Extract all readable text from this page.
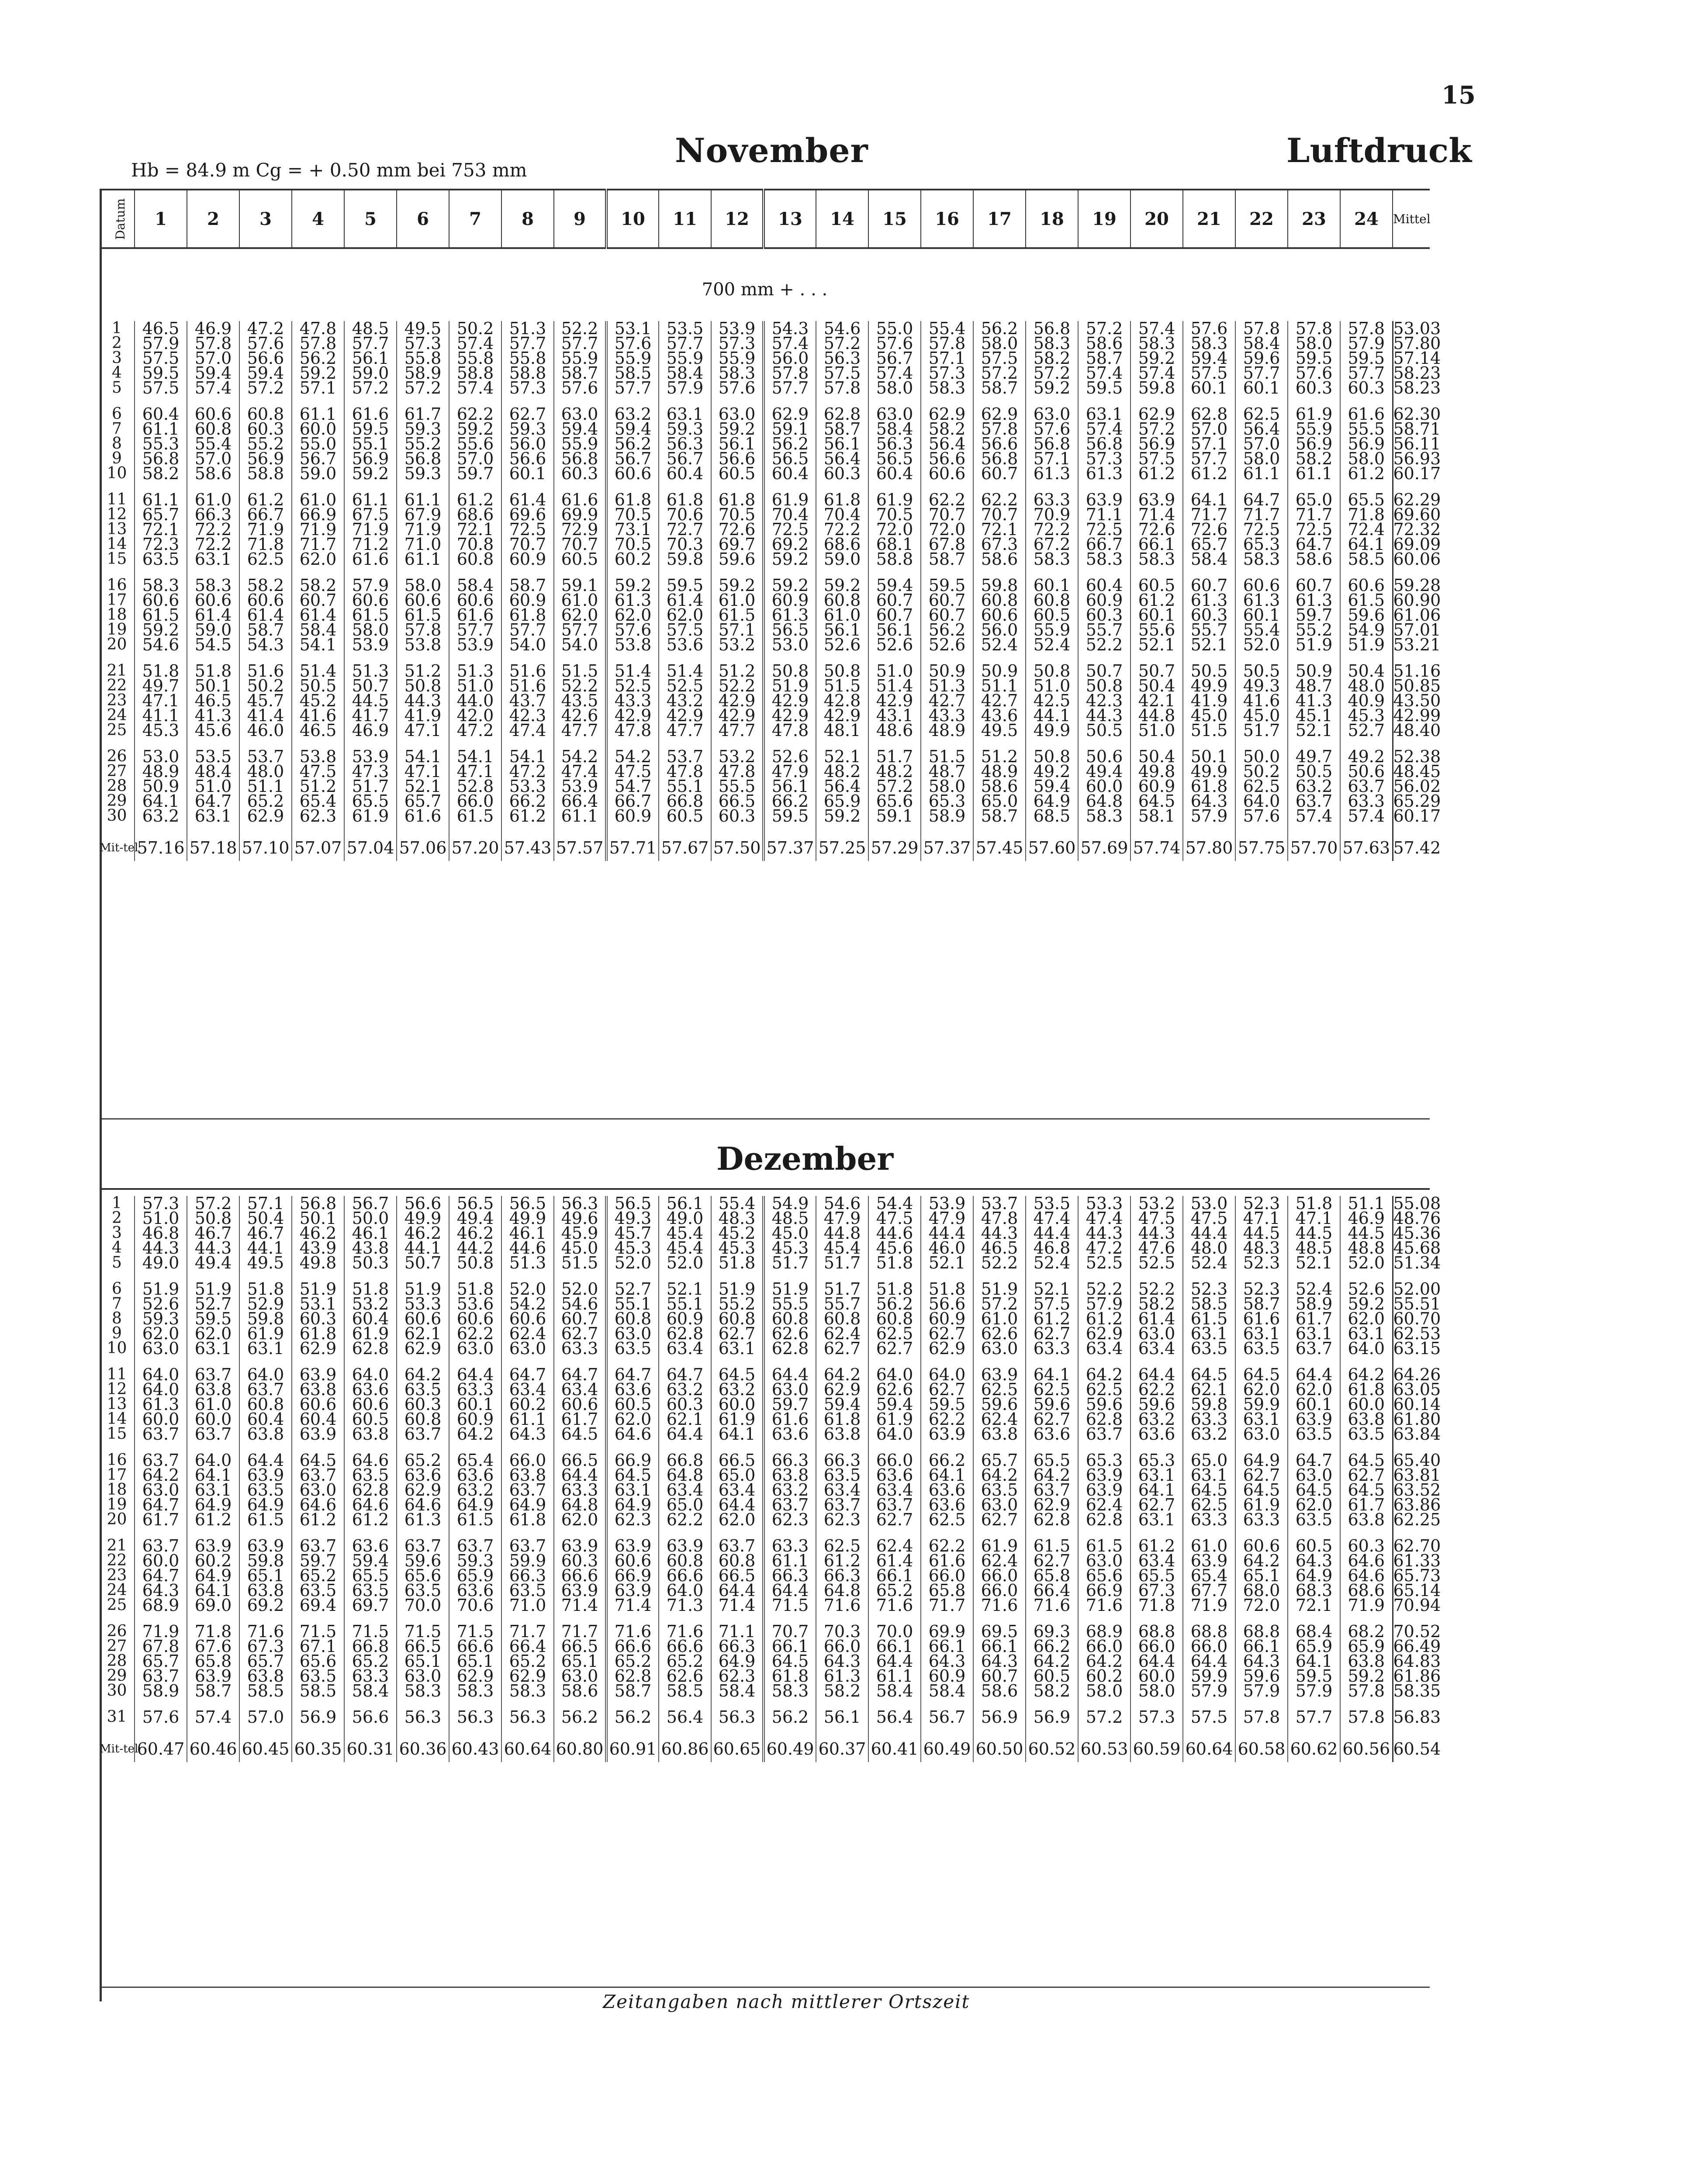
15
Hb = 84.9 m Cg = + 0.50 mm bei 753 mm
November	Luftdruck
Datum	1	2	3	4	5	6	7	8	9	10	11	12	13	14	15	16	17	18	19	20	21	22	23	24	Mittel
700 mm + . . .
1	46.5	46.9	47.2	47.8	48.5	49.5	50.2	51.3	52.2	53.1	53.5	53.9	54.3	54.6	55.0	55.4	56.2	56.8	57.2	57.4	57.6	57.8	57.8	57.8	53.03
2	57.9	57.8	57.6	57.8	57.7	57.3	57.4	57.7	57.7	57.6	57.7	57.3	57.4	57.2	57.6	57.8	58.0	58.3	58.6	58.3	58.3	58.4	58.0	57.9	57.80
3	57.5	57.0	56.6	56.2	56.1	55.8	55.8	55.8	55.9	55.9	55.9	55.9	56.0	56.3	56.7	57.1	57.5	58.2	58.7	59.2	59.4	59.6	59.5	59.5	57.14
4	59.5	59.4	59.4	59.2	59.0	58.9	58.8	58.8	58.7	58.5	58.4	58.3	57.8	57.5	57.4	57.3	57.2	57.2	57.4	57.4	57.5	57.7	57.6	57.7	58.23
5	57.5	57.4	57.2	57.1	57.2	57.2	57.4	57.3	57.6	57.7	57.9	57.6	57.7	57.8	58.0	58.3	58.7	59.2	59.5	59.8	60.1	60.1	60.3	60.3	58.23

6	60.4	60.6	60.8	61.1	61.6	61.7	62.2	62.7	63.0	63.2	63.1	63.0	62.9	62.8	63.0	62.9	62.9	63.0	63.1	62.9	62.8	62.5	61.9	61.6	62.30
7	61.1	60.8	60.3	60.0	59.5	59.3	59.2	59.3	59.4	59.4	59.3	59.2	59.1	58.7	58.4	58.2	57.8	57.6	57.4	57.2	57.0	56.4	55.9	55.5	58.71
8	55.3	55.4	55.2	55.0	55.1	55.2	55.6	56.0	55.9	56.2	56.3	56.1	56.2	56.1	56.3	56.4	56.6	56.8	56.8	56.9	57.1	57.0	56.9	56.9	56.11
9	56.8	57.0	56.9	56.7	56.9	56.8	57.0	56.6	56.8	56.7	56.7	56.6	56.5	56.4	56.5	56.6	56.8	57.1	57.3	57.5	57.7	58.0	58.2	58.0	56.93
10	58.2	58.6	58.8	59.0	59.2	59.3	59.7	60.1	60.3	60.6	60.4	60.5	60.4	60.3	60.4	60.6	60.7	61.3	61.3	61.2	61.2	61.1	61.1	61.2	60.17

11	61.1	61.0	61.2	61.0	61.1	61.1	61.2	61.4	61.6	61.8	61.8	61.8	61.9	61.8	61.9	62.2	62.2	63.3	63.9	63.9	64.1	64.7	65.0	65.5	62.29
12	65.7	66.3	66.7	66.9	67.5	67.9	68.6	69.6	69.9	70.5	70.6	70.5	70.4	70.4	70.5	70.7	70.7	70.9	71.1	71.4	71.7	71.7	71.7	71.8	69.60
13	72.1	72.2	71.9	71.9	71.9	71.9	72.1	72.5	72.9	73.1	72.7	72.6	72.5	72.2	72.0	72.0	72.1	72.2	72.5	72.6	72.6	72.5	72.5	72.4	72.32
14	72.3	72.2	71.8	71.7	71.2	71.0	70.8	70.7	70.7	70.5	70.3	69.7	69.2	68.6	68.1	67.8	67.3	67.2	66.7	66.1	65.7	65.3	64.7	64.1	69.09
15	63.5	63.1	62.5	62.0	61.6	61.1	60.8	60.9	60.5	60.2	59.8	59.6	59.2	59.0	58.8	58.7	58.6	58.3	58.3	58.3	58.4	58.3	58.6	58.5	60.06

16	58.3	58.3	58.2	58.2	57.9	58.0	58.4	58.7	59.1	59.2	59.5	59.2	59.2	59.2	59.4	59.5	59.8	60.1	60.4	60.5	60.7	60.6	60.7	60.6	59.28
17	60.6	60.6	60.6	60.7	60.6	60.6	60.6	60.9	61.0	61.3	61.4	61.0	60.9	60.8	60.7	60.7	60.8	60.8	60.9	61.2	61.3	61.3	61.3	61.5	60.90
18	61.5	61.4	61.4	61.4	61.5	61.5	61.6	61.8	62.0	62.0	62.0	61.5	61.3	61.0	60.7	60.7	60.6	60.5	60.3	60.1	60.3	60.1	59.7	59.6	61.06
19	59.2	59.0	58.7	58.4	58.0	57.8	57.7	57.7	57.7	57.6	57.5	57.1	56.5	56.1	56.1	56.2	56.0	55.9	55.7	55.6	55.7	55.4	55.2	54.9	57.01
20	54.6	54.5	54.3	54.1	53.9	53.8	53.9	54.0	54.0	53.8	53.6	53.2	53.0	52.6	52.6	52.6	52.4	52.4	52.2	52.1	52.1	52.0	51.9	51.9	53.21

21	51.8	51.8	51.6	51.4	51.3	51.2	51.3	51.6	51.5	51.4	51.4	51.2	50.8	50.8	51.0	50.9	50.9	50.8	50.7	50.7	50.5	50.5	50.9	50.4	51.16
22	49.7	50.1	50.2	50.5	50.7	50.8	51.0	51.6	52.2	52.5	52.5	52.2	51.9	51.5	51.4	51.3	51.1	51.0	50.8	50.4	49.9	49.3	48.7	48.0	50.85
23	47.1	46.5	45.7	45.2	44.5	44.3	44.0	43.7	43.5	43.3	43.2	42.9	42.9	42.8	42.9	42.7	42.7	42.5	42.3	42.1	41.9	41.6	41.3	40.9	43.50
24	41.1	41.3	41.4	41.6	41.7	41.9	42.0	42.3	42.6	42.9	42.9	42.9	42.9	42.9	43.1	43.3	43.6	44.1	44.3	44.8	45.0	45.0	45.1	45.3	42.99
25	45.3	45.6	46.0	46.5	46.9	47.1	47.2	47.4	47.7	47.8	47.7	47.7	47.8	48.1	48.6	48.9	49.5	49.9	50.5	51.0	51.5	51.7	52.1	52.7	48.40

26	53.0	53.5	53.7	53.8	53.9	54.1	54.1	54.1	54.2	54.2	53.7	53.2	52.6	52.1	51.7	51.5	51.2	50.8	50.6	50.4	50.1	50.0	49.7	49.2	52.38
27	48.9	48.4	48.0	47.5	47.3	47.1	47.1	47.2	47.4	47.5	47.8	47.8	47.9	48.2	48.2	48.7	48.9	49.2	49.4	49.8	49.9	50.2	50.5	50.6	48.45
28	50.9	51.0	51.1	51.2	51.7	52.1	52.8	53.3	53.9	54.7	55.1	55.5	56.1	56.4	57.2	58.0	58.6	59.4	60.0	60.9	61.8	62.5	63.2	63.7	56.02
29	64.1	64.7	65.2	65.4	65.5	65.7	66.0	66.2	66.4	66.7	66.8	66.5	66.2	65.9	65.6	65.3	65.0	64.9	64.8	64.5	64.3	64.0	63.7	63.3	65.29
30	63.2	63.1	62.9	62.3	61.9	61.6	61.5	61.2	61.1	60.9	60.5	60.3	59.5	59.2	59.1	58.9	58.7	68.5	58.3	58.1	57.9	57.6	57.4	57.4	60.17

Mit-tel	57.16	57.18	57.10	57.07	57.04	57.06	57.20	57.43	57.57	57.71	57.67	57.50	57.37	57.25	57.29	57.37	57.45	57.60	57.69	57.74	57.80	57.75	57.70	57.63	57.42
Dezember
1	57.3	57.2	57.1	56.8	56.7	56.6	56.5	56.5	56.3	56.5	56.1	55.4	54.9	54.6	54.4	53.9	53.7	53.5	53.3	53.2	53.0	52.3	51.8	51.1	55.08
2	51.0	50.8	50.4	50.1	50.0	49.9	49.4	49.9	49.6	49.3	49.0	48.3	48.5	47.9	47.5	47.9	47.8	47.4	47.4	47.5	47.5	47.1	47.1	46.9	48.76
3	46.8	46.7	46.7	46.2	46.1	46.2	46.2	46.1	45.9	45.7	45.4	45.2	45.0	44.8	44.6	44.4	44.3	44.4	44.3	44.3	44.4	44.5	44.5	44.5	45.36
4	44.3	44.3	44.1	43.9	43.8	44.1	44.2	44.6	45.0	45.3	45.4	45.3	45.3	45.4	45.6	46.0	46.5	46.8	47.2	47.6	48.0	48.3	48.5	48.8	45.68
5	49.0	49.4	49.5	49.8	50.3	50.7	50.8	51.3	51.5	52.0	52.0	51.8	51.7	51.7	51.8	52.1	52.2	52.4	52.5	52.5	52.4	52.3	52.1	52.0	51.34

6	51.9	51.9	51.8	51.9	51.8	51.9	51.8	52.0	52.0	52.7	52.1	51.9	51.9	51.7	51.8	51.8	51.9	52.1	52.2	52.2	52.3	52.3	52.4	52.6	52.00
7	52.6	52.7	52.9	53.1	53.2	53.3	53.6	54.2	54.6	55.1	55.1	55.2	55.5	55.7	56.2	56.6	57.2	57.5	57.9	58.2	58.5	58.7	58.9	59.2	55.51
8	59.3	59.5	59.8	60.3	60.4	60.6	60.6	60.6	60.7	60.8	60.9	60.8	60.8	60.8	60.8	60.9	61.0	61.2	61.2	61.4	61.5	61.6	61.7	62.0	60.70
9	62.0	62.0	61.9	61.8	61.9	62.1	62.2	62.4	62.7	63.0	62.8	62.7	62.6	62.4	62.5	62.7	62.6	62.7	62.9	63.0	63.1	63.1	63.1	63.1	62.53
10	63.0	63.1	63.1	62.9	62.8	62.9	63.0	63.0	63.3	63.5	63.4	63.1	62.8	62.7	62.7	62.9	63.0	63.3	63.4	63.4	63.5	63.5	63.7	64.0	63.15

11	64.0	63.7	64.0	63.9	64.0	64.2	64.4	64.7	64.7	64.7	64.7	64.5	64.4	64.2	64.0	64.0	63.9	64.1	64.2	64.4	64.5	64.5	64.4	64.2	64.26
12	64.0	63.8	63.7	63.8	63.6	63.5	63.3	63.4	63.4	63.6	63.2	63.2	63.0	62.9	62.6	62.7	62.5	62.5	62.5	62.2	62.1	62.0	62.0	61.8	63.05
13	61.3	61.0	60.8	60.6	60.6	60.3	60.1	60.2	60.6	60.5	60.3	60.0	59.7	59.4	59.4	59.5	59.6	59.6	59.6	59.6	59.8	59.9	60.1	60.0	60.14
14	60.0	60.0	60.4	60.4	60.5	60.8	60.9	61.1	61.7	62.0	62.1	61.9	61.6	61.8	61.9	62.2	62.4	62.7	62.8	63.2	63.3	63.1	63.9	63.8	61.80
15	63.7	63.7	63.8	63.9	63.8	63.7	64.2	64.3	64.5	64.6	64.4	64.1	63.6	63.8	64.0	63.9	63.8	63.6	63.7	63.6	63.2	63.0	63.5	63.5	63.84

16	63.7	64.0	64.4	64.5	64.6	65.2	65.4	66.0	66.5	66.9	66.8	66.5	66.3	66.3	66.0	66.2	65.7	65.5	65.3	65.3	65.0	64.9	64.7	64.5	65.40
17	64.2	64.1	63.9	63.7	63.5	63.6	63.6	63.8	64.4	64.5	64.8	65.0	63.8	63.5	63.6	64.1	64.2	64.2	63.9	63.1	63.1	62.7	63.0	62.7	63.81
18	63.0	63.1	63.5	63.0	62.8	62.9	63.2	63.7	63.3	63.1	63.4	63.4	63.2	63.4	63.4	63.6	63.5	63.7	63.9	64.1	64.5	64.5	64.5	64.5	63.52
19	64.7	64.9	64.9	64.6	64.6	64.6	64.9	64.9	64.8	64.9	65.0	64.4	63.7	63.7	63.7	63.6	63.0	62.9	62.4	62.7	62.5	61.9	62.0	61.7	63.86
20	61.7	61.2	61.5	61.2	61.2	61.3	61.5	61.8	62.0	62.3	62.2	62.0	62.3	62.3	62.7	62.5	62.7	62.8	62.8	63.1	63.3	63.3	63.5	63.8	62.25

21	63.7	63.9	63.9	63.7	63.6	63.7	63.7	63.7	63.9	63.9	63.9	63.7	63.3	62.5	62.4	62.2	61.9	61.5	61.5	61.2	61.0	60.6	60.5	60.3	62.70
22	60.0	60.2	59.8	59.7	59.4	59.6	59.3	59.9	60.3	60.6	60.8	60.8	61.1	61.2	61.4	61.6	62.4	62.7	63.0	63.4	63.9	64.2	64.3	64.6	61.33
23	64.7	64.9	65.1	65.2	65.5	65.6	65.9	66.3	66.6	66.9	66.6	66.5	66.3	66.3	66.1	66.0	66.0	65.8	65.6	65.5	65.4	65.1	64.9	64.6	65.73
24	64.3	64.1	63.8	63.5	63.5	63.5	63.6	63.5	63.9	63.9	64.0	64.4	64.4	64.8	65.2	65.8	66.0	66.4	66.9	67.3	67.7	68.0	68.3	68.6	65.14
25	68.9	69.0	69.2	69.4	69.7	70.0	70.6	71.0	71.4	71.4	71.3	71.4	71.5	71.6	71.6	71.7	71.6	71.6	71.6	71.8	71.9	72.0	72.1	71.9	70.94

26	71.9	71.8	71.6	71.5	71.5	71.5	71.5	71.7	71.7	71.6	71.6	71.1	70.7	70.3	70.0	69.9	69.5	69.3	68.9	68.8	68.8	68.8	68.4	68.2	70.52
27	67.8	67.6	67.3	67.1	66.8	66.5	66.6	66.4	66.5	66.6	66.6	66.3	66.1	66.0	66.1	66.1	66.1	66.2	66.0	66.0	66.0	66.1	65.9	65.9	66.49
28	65.7	65.8	65.7	65.6	65.2	65.1	65.1	65.2	65.1	65.2	65.2	64.9	64.5	64.3	64.4	64.3	64.3	64.2	64.2	64.4	64.4	64.3	64.1	63.8	64.83
29	63.7	63.9	63.8	63.5	63.3	63.0	62.9	62.9	63.0	62.8	62.6	62.3	61.8	61.3	61.1	60.9	60.7	60.5	60.2	60.0	59.9	59.6	59.5	59.2	61.86
30	58.9	58.7	58.5	58.5	58.4	58.3	58.3	58.3	58.6	58.7	58.5	58.4	58.3	58.2	58.4	58.4	58.6	58.2	58.0	58.0	57.9	57.9	57.9	57.8	58.35

31	57.6	57.4	57.0	56.9	56.6	56.3	56.3	56.3	56.2	56.2	56.4	56.3	56.2	56.1	56.4	56.7	56.9	56.9	57.2	57.3	57.5	57.8	57.7	57.8	56.83

Mit-tel	60.47	60.46	60.45	60.35	60.31	60.36	60.43	60.64	60.80	60.91	60.86	60.65	60.49	60.37	60.41	60.49	60.50	60.52	60.53	60.59	60.64	60.58	60.62	60.56	60.54
Zeitangaben nach mittlerer Ortszeit
